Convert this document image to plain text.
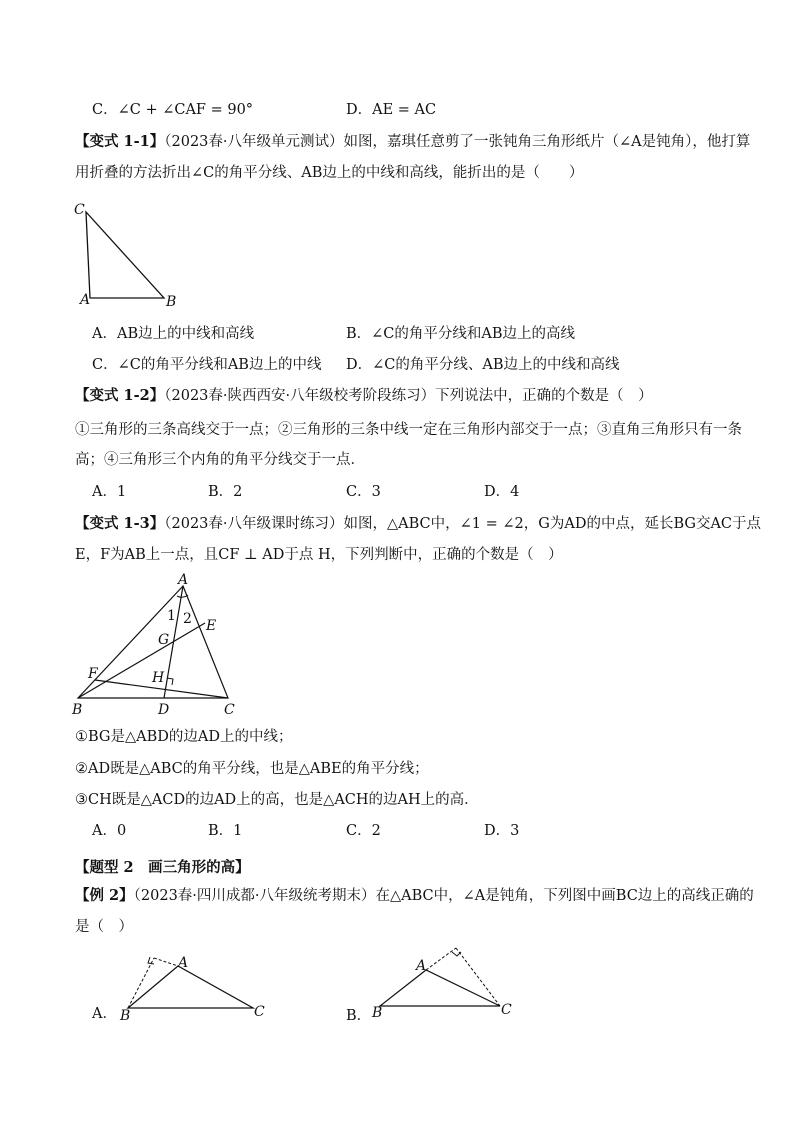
C．∠C + ∠CAF = 90°	D．AE = AC
【变式 1-1】（2023春·八年级单元测试）如图，嘉琪任意剪了一张钝角三角形纸片（∠A是钝角），他打算
用折叠的方法折出∠C的角平分线、AB边上的中线和高线，能折出的是（　　）
C
A	B
A．AB边上的中线和高线	B．∠C的角平分线和AB边上的高线
C．∠C的角平分线和AB边上的中线 D．∠C的角平分线、AB边上的中线和高线
【变式 1-2】（2023春·陕西西安·八年级校考阶段练习）下列说法中，正确的个数是（　）
①三角形的三条高线交于一点；②三角形的三条中线一定在三角形内部交于一点；③直角三角形只有一条
高；④三角形三个内角的角平分线交于一点．
A．1	B．2	C．3	D．4
【变式 1-3】（2023春·八年级课时练习）如图，△ABC中，∠1 = ∠2，G为AD的中点，延长BG交AC于点
E，F为AB上一点，且CF ⊥ AD于点 H，下列判断中，正确的个数是（　）
A
1 2 E
G
F	H
B	D	C
①BG是△ABD的边AD上的中线；
②AD既是△ABC的角平分线，也是△ABE的角平分线；
③CH既是△ACD的边AD上的高，也是△ACH的边AH上的高．
A．0	B．1	C．2	D．3
【题型 2　画三角形的高】
【例 2】（2023春·四川成都·八年级统考期末）在△ABC中，∠A是钝角，下列图中画BC边上的高线正确的
是（　）
A．
A
B	C	B．
A
B	C
